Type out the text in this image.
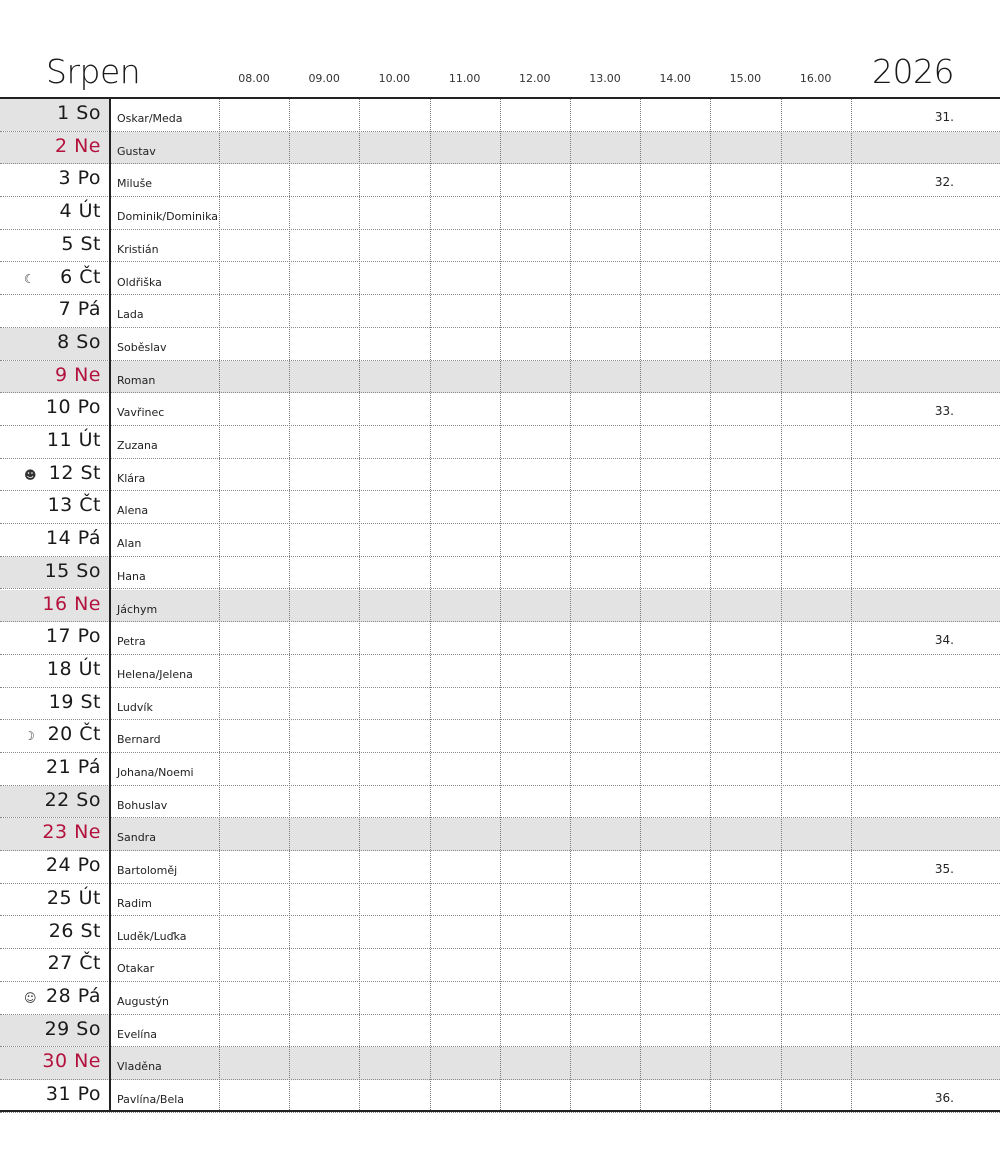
Srpen	2026
08.00	09.00	10.00	11.00	12.00	13.00	14.00	15.00	16.00
1 So Oskar/Meda	31.
2 Ne Gustav
3 Po Miluše	32.
4 Út Dominik/Dominika
5 St Kristián
☾ 6 Čt Oldřiška
7 Pá Lada
8 So Soběslav
9 Ne Roman
10 Po Vavřinec	33.
11 Út Zuzana
☻ 12 St Klára
13 Čt Alena
14 Pá Alan
15 So Hana
16 Ne Jáchym
17 Po Petra	34.
18 Út Helena/Jelena
19 St Ludvík
☽ 20 Čt Bernard
21 Pá Johana/Noemi
22 So Bohuslav
23 Ne Sandra
24 Po Bartoloměj	35.
25 Út Radim
26 St Luděk/Luďka
27 Čt Otakar
☺ 28 Pá Augustýn
29 So Evelína
30 Ne Vladěna
31 Po Pavlína/Bela	36.
